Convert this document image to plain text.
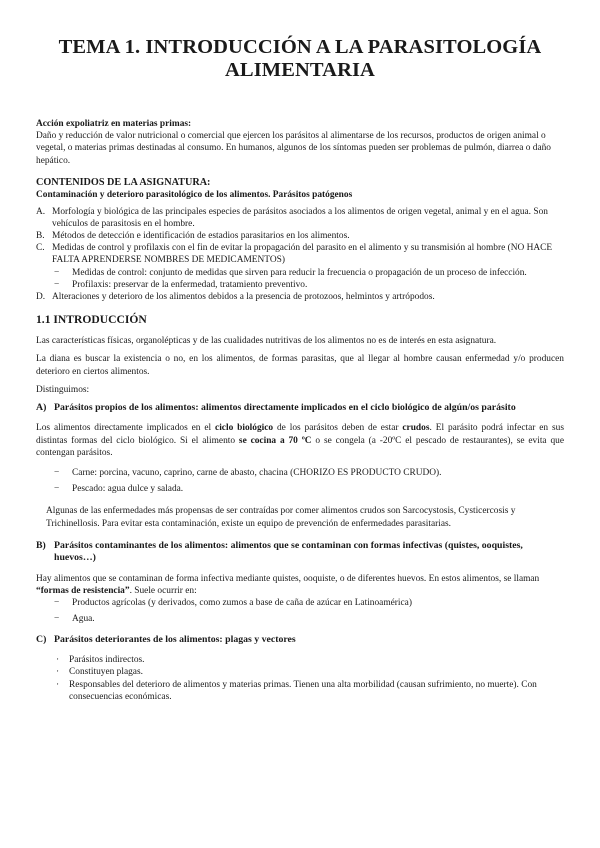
TEMA 1. INTRODUCCIÓN A LA PARASITOLOGÍA
ALIMENTARIA

Acción expoliatriz en materias primas:

Daño y reducción de valor nutricional o comercial que ejercen los parásitos al alimentarse de los recursos, productos de origen animal o vegetal, o materias primas destinadas al consumo. En humanos, algunos de los síntomas pueden ser problemas de pulmón, diarrea o daño hepático.

CONTENIDOS DE LA ASIGNATURA:

Contaminación y deterioro parasitológico de los alimentos. Parásitos patógenos

A. Morfología y biológica de las principales especies de parásitos asociados a los alimentos de origen vegetal, animal y en el agua. Son vehículos de parasitosis en el hombre.
B. Métodos de detección e identificación de estadios parasitarios en los alimentos.
C. Medidas de control y profilaxis con el fin de evitar la propagación del parasito en el alimento y su transmisión al hombre (NO HACE FALTA APRENDERSE NOMBRES DE MEDICAMENTOS)
−	Medidas de control: conjunto de medidas que sirven para reducir la frecuencia o propagación de un proceso de infección.
−	Profilaxis: preservar de la enfermedad, tratamiento preventivo.
D. Alteraciones y deterioro de los alimentos debidos a la presencia de protozoos, helmintos y artrópodos.

1.1 INTRODUCCIÓN

Las características físicas, organolépticas y de las cualidades nutritivas de los alimentos no es de interés en esta asignatura.

La diana es buscar la existencia o no, en los alimentos, de formas parasitas, que al llegar al hombre causan enfermedad y/o producen deterioro en ciertos alimentos.

Distinguimos:

A) Parásitos propios de los alimentos: alimentos directamente implicados en el ciclo biológico de algún/os parásito

Los alimentos directamente implicados en el ciclo biológico de los parásitos deben de estar crudos. El parásito podrá infectar en sus distintas formas del ciclo biológico. Si el alimento se cocina a 70 ºC o se congela (a -20ºC el pescado de restaurantes), se evita que contengan parásitos.

−	Carne: porcina, vacuno, caprino, carne de abasto, chacina (CHORIZO ES PRODUCTO CRUDO).
−	Pescado: agua dulce y salada.

Algunas de las enfermedades más propensas de ser contraídas por comer alimentos crudos son Sarcocystosis, Cysticercosis y Trichinellosis. Para evitar esta contaminación, existe un equipo de prevención de enfermedades parasitarias.

B) Parásitos contaminantes de los alimentos: alimentos que se contaminan con formas infectivas (quistes, ooquistes, huevos…)

Hay alimentos que se contaminan de forma infectiva mediante quistes, ooquiste, o de diferentes huevos. En estos alimentos, se llaman “formas de resistencia”. Suele ocurrir en:

−	Productos agrícolas (y derivados, como zumos a base de caña de azúcar en Latinoamérica)
−	Agua.
C) Parásitos deteriorantes de los alimentos: plagas y vectores
·	Parásitos indirectos.
·	Constituyen plagas.
·	Responsables del deterioro de alimentos y materias primas. Tienen una alta morbilidad (causan sufrimiento, no muerte). Con consecuencias económicas.
